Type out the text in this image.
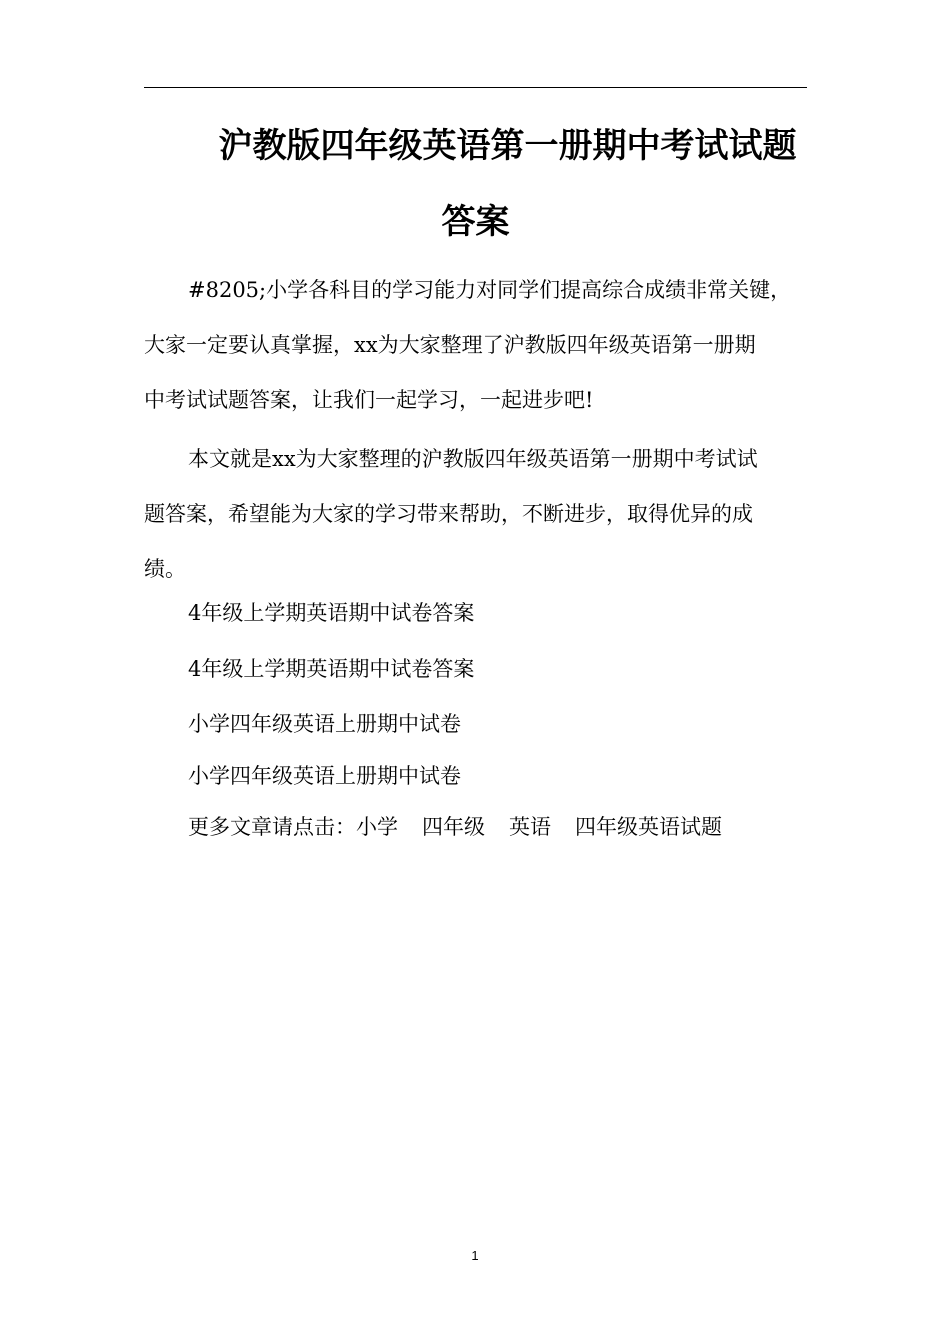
沪教版四年级英语第一册期中考试试题
答案
#8205;小学各科目的学习能力对同学们提高综合成绩非常关键，
大家一定要认真掌握，xx为大家整理了沪教版四年级英语第一册期
中考试试题答案，让我们一起学习，一起进步吧!
本文就是xx为大家整理的沪教版四年级英语第一册期中考试试
题答案，希望能为大家的学习带来帮助，不断进步，取得优异的成
绩。
4年级上学期英语期中试卷答案
4年级上学期英语期中试卷答案
小学四年级英语上册期中试卷
小学四年级英语上册期中试卷
更多文章请点击：小学 四年级 英语 四年级英语试题
1
